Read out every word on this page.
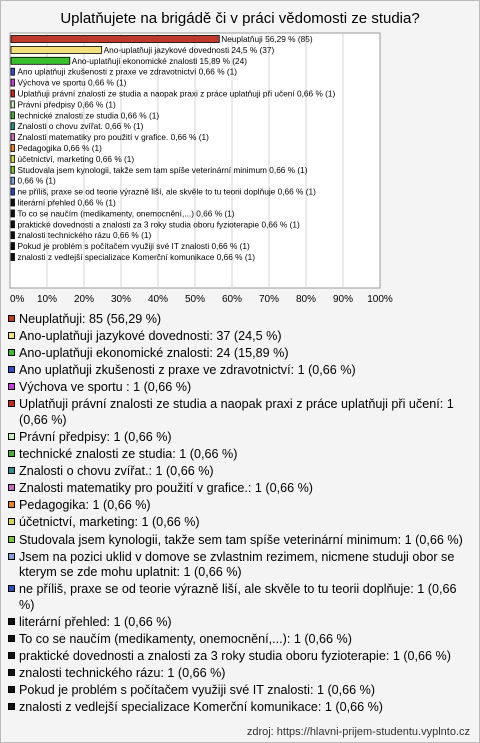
Uplatňujete na brigádě či v práci vědomosti ze studia?
0% 10% 20% 30% 40% 50% 60% 70% 80% 90% 100%
Neuplatňuji 56,29 % (85)
Ano-uplatňuji jazykové dovednosti 24,5 % (37)
Ano-uplatňuji ekonomické znalosti 15,89 % (24)
Ano uplatňuji zkušenosti z praxe ve zdravotnictví 0,66 % (1)
Výchova ve sportu 0,66 % (1)
Uplatňuji právní znalosti ze studia a naopak praxi z práce uplatňuji při učení 0,66 % (1)
Právní předpisy 0,66 % (1)
technické znalosti ze studia 0,66 % (1)
Znalosti o chovu zvířat. 0,66 % (1)
Znalosti matematiky pro použití v grafice. 0,66 % (1)
Pedagogika 0,66 % (1)
účetnictví, marketing 0,66 % (1)
Studovala jsem kynologii, takže sem tam spíše veterinární minimum 0,66 % (1)
0,66 % (1)
ne příliš, praxe se od teorie výrazně liší, ale skvěle to tu teorii doplňuje 0,66 % (1)
literární přehled 0,66 % (1)
To co se naučím (medikamenty, onemocnění,...) 0,66 % (1)
praktické dovednosti a znalosti za 3 roky studia oboru fyzioterapie 0,66 % (1)
znalosti technického rázu 0,66 % (1)
Pokud je problém s počítačem využiji své IT znalosti 0,66 % (1)
znalosti z vedlejší specializace Komerční komunikace 0,66 % (1)
Neuplatňuji: 85 (56,29 %)
Ano-uplatňuji jazykové dovednosti: 37 (24,5 %)
Ano-uplatňuji ekonomické znalosti: 24 (15,89 %)
Ano uplatňuji zkušenosti z praxe ve zdravotnictví: 1 (0,66 %)
Výchova ve sportu : 1 (0,66 %)
Uplatňuji právní znalosti ze studia a naopak praxi z práce uplatňuji při učení: 1 (0,66 %)
Právní předpisy: 1 (0,66 %)
technické znalosti ze studia: 1 (0,66 %)
Znalosti o chovu zvířat.: 1 (0,66 %)
Znalosti matematiky pro použití v grafice.: 1 (0,66 %)
Pedagogika: 1 (0,66 %)
účetnictví, marketing: 1 (0,66 %)
Studovala jsem kynologii, takže sem tam spíše veterinární minimum: 1 (0,66 %)
Jsem na pozici uklid v domove se zvlastnim rezimem, nicmene studuji obor se kterym se zde mohu uplatnit: 1 (0,66 %)
ne příliš, praxe se od teorie výrazně liší, ale skvěle to tu teorii doplňuje: 1 (0,66 %)
literární přehled: 1 (0,66 %)
To co se naučím (medikamenty, onemocnění,...): 1 (0,66 %)
praktické dovednosti a znalosti za 3 roky studia oboru fyzioterapie: 1 (0,66 %)
znalosti technického rázu: 1 (0,66 %)
Pokud je problém s počítačem využiji své IT znalosti: 1 (0,66 %)
znalosti z vedlejší specializace Komerční komunikace: 1 (0,66 %)
zdroj: https://hlavni-prijem-studentu.vyplnto.cz
